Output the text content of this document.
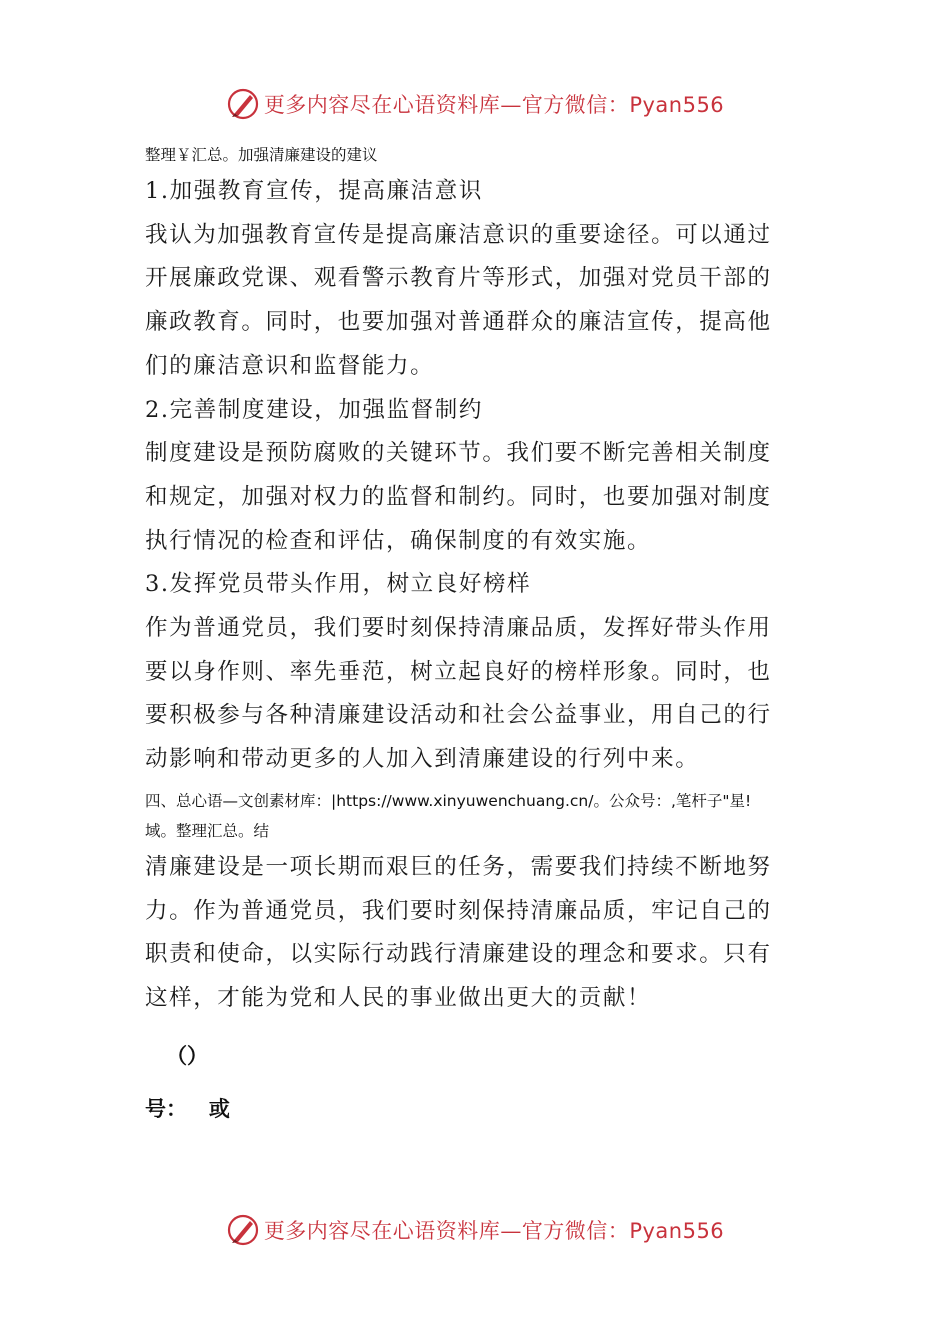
更多内容尽在心语资料库—官方微信：Pyan556
整理￥汇总。加强清廉建设的建议
1.加强教育宣传，提高廉洁意识
我认为加强教育宣传是提高廉洁意识的重要途径。可以通过
开展廉政党课、观看警示教育片等形式，加强对党员干部的
廉政教育。同时，也要加强对普通群众的廉洁宣传，提高他
们的廉洁意识和监督能力。
2.完善制度建设，加强监督制约
制度建设是预防腐败的关键环节。我们要不断完善相关制度
和规定，加强对权力的监督和制约。同时，也要加强对制度
执行情况的检查和评估，确保制度的有效实施。
3.发挥党员带头作用，树立良好榜样
作为普通党员，我们要时刻保持清廉品质，发挥好带头作用
要以身作则、率先垂范，树立起良好的榜样形象。同时，也
要积极参与各种清廉建设活动和社会公益事业，用自己的行
动影响和带动更多的人加入到清廉建设的行列中来。
四、总心语—文创素材库：|https://www.xinyuwenchuang.cn/。公众号：,笔杆子"星!
域。整理汇总。结
清廉建设是一项长期而艰巨的任务，需要我们持续不断地努
力。作为普通党员，我们要时刻保持清廉品质，牢记自己的
职责和使命，以实际行动践行清廉建设的理念和要求。只有
这样，才能为党和人民的事业做出更大的贡献！
（）
号：   或
更多内容尽在心语资料库—官方微信：Pyan556
